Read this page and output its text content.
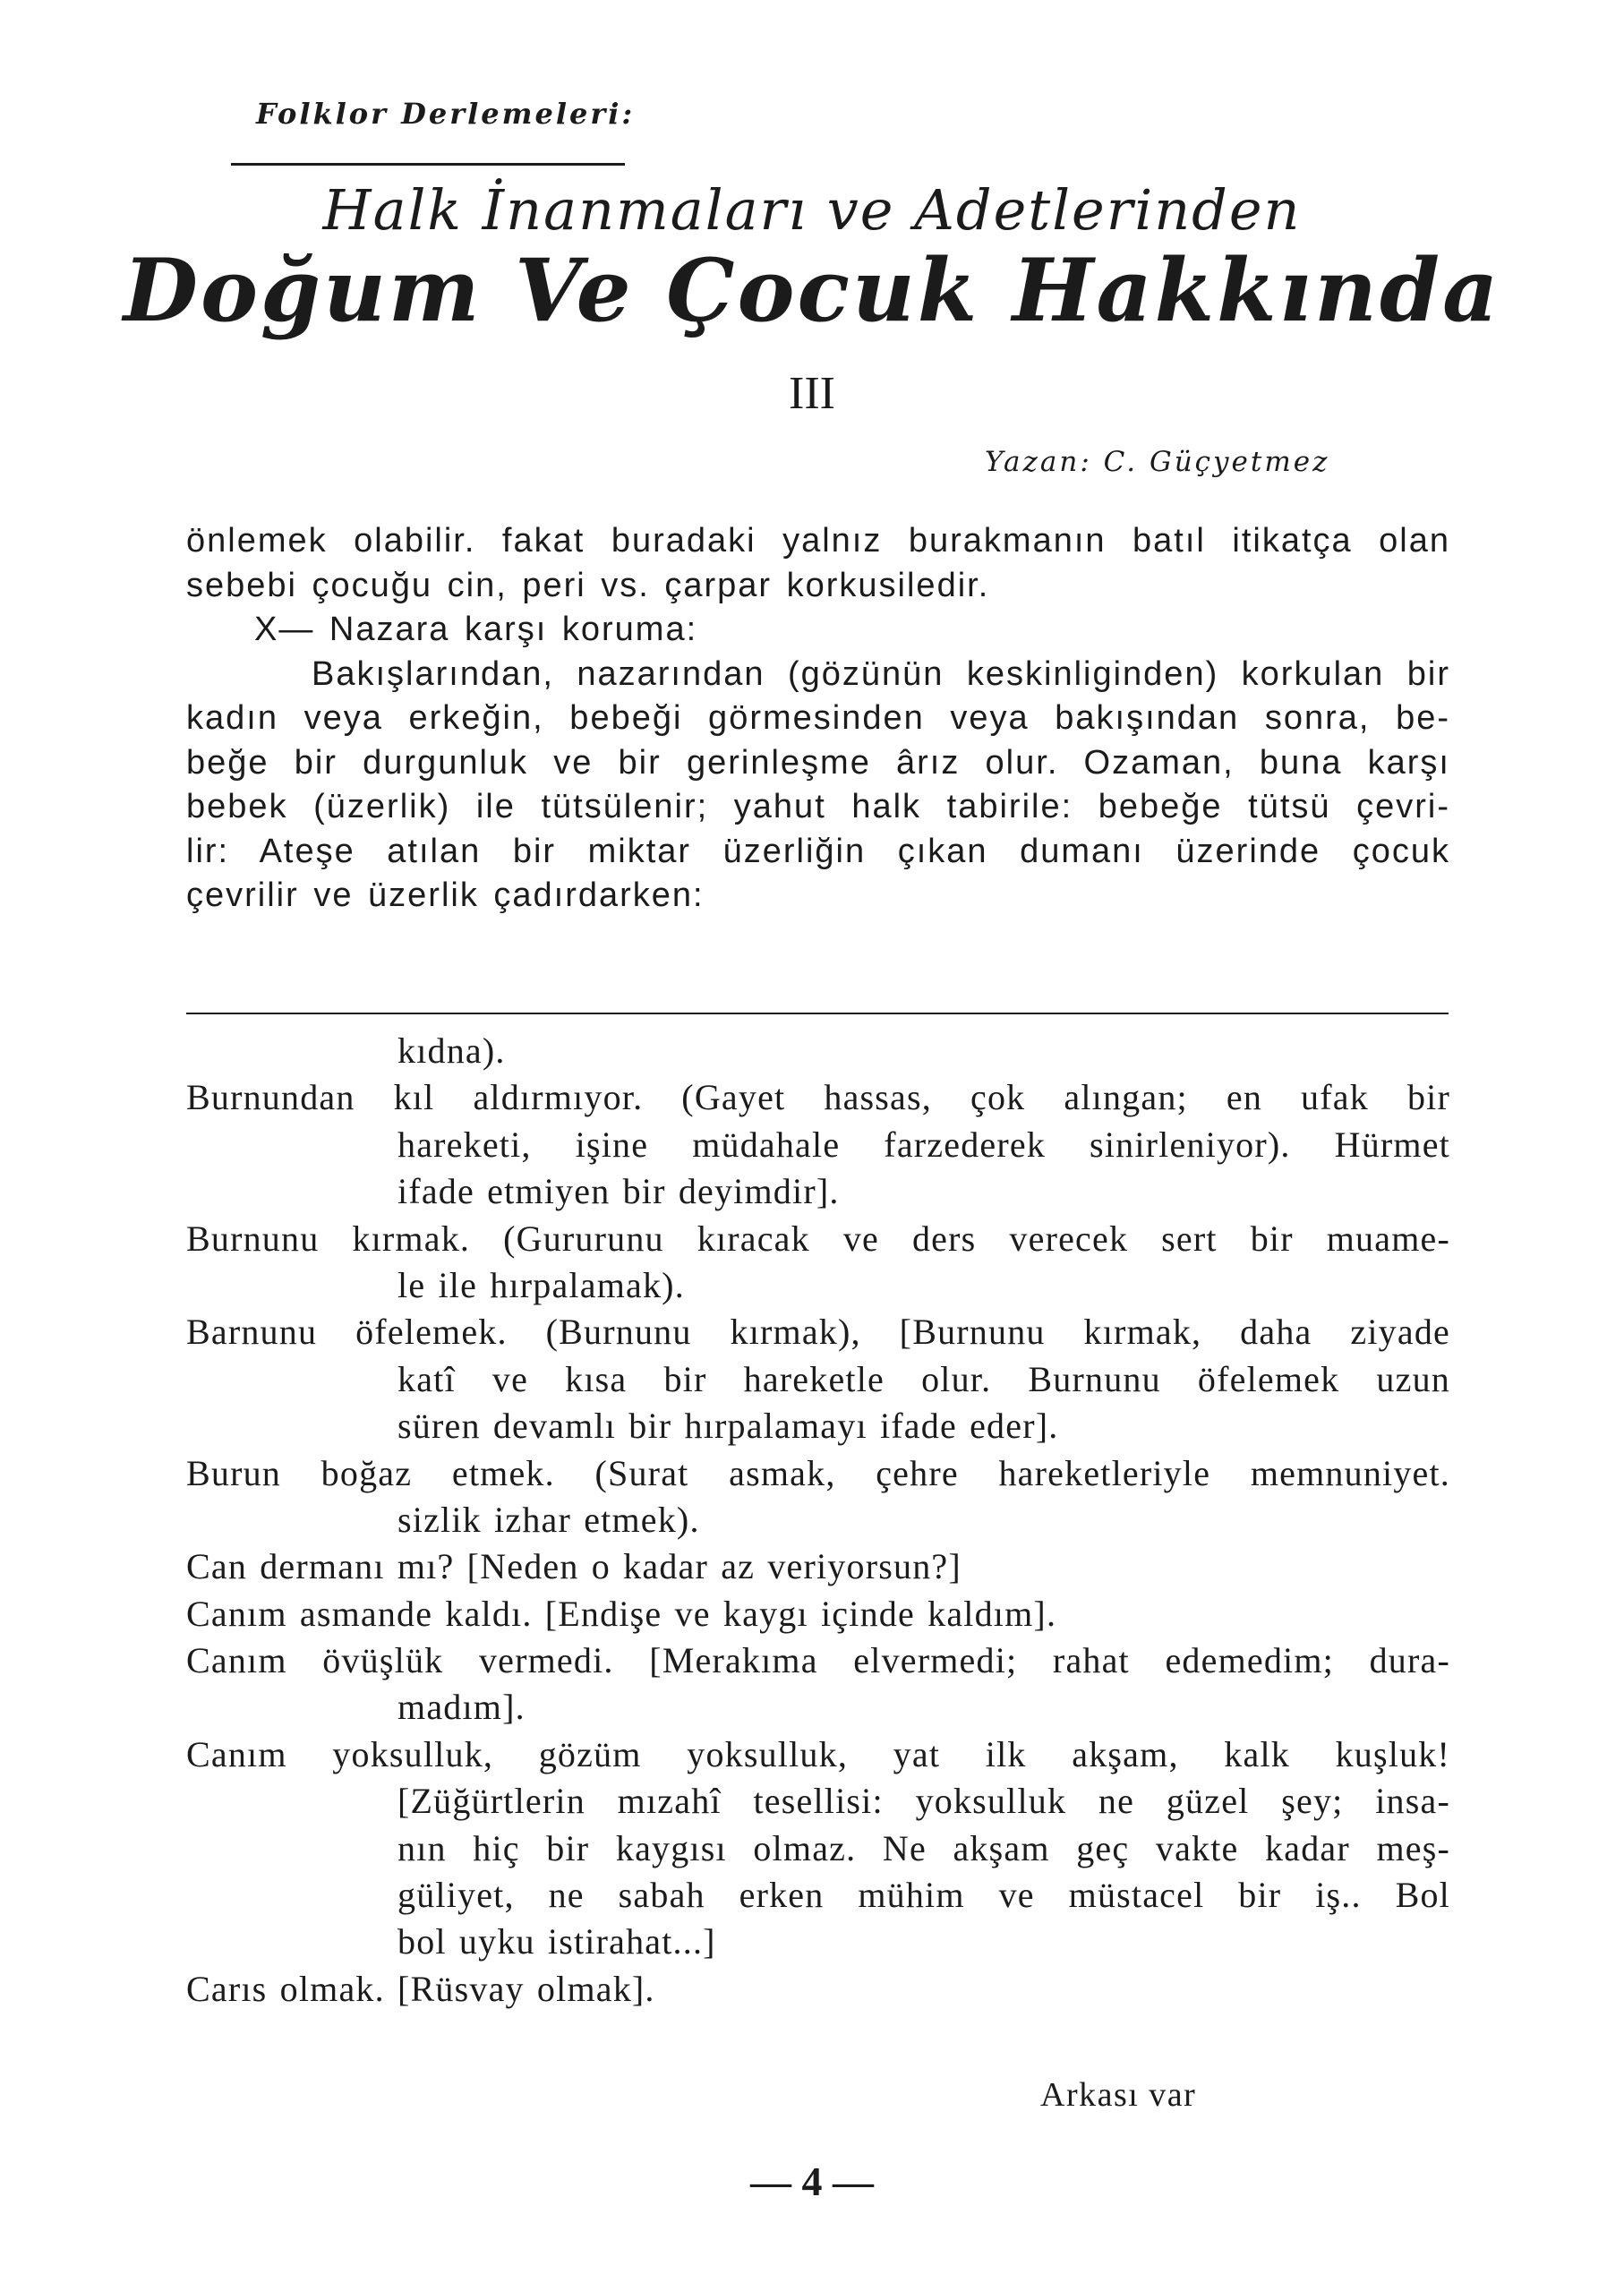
Folklor Derlemeleri:
Halk İnanmaları ve Adetlerinden
Doğum Ve Çocuk Hakkında
III
Yazan: C. Güçyetmez
önlemek olabilir. fakat buradaki yalnız burakmanın batıl itikatça olan
sebebi çocuğu cin, peri vs. çarpar korkusiledir.
X— Nazara karşı koruma:
Bakışlarından, nazarından (gözünün keskinliginden) korkulan bir
kadın veya erkeğin, bebeği görmesinden veya bakışından sonra, be-
beğe bir durgunluk ve bir gerinleşme ârız olur. Ozaman, buna karşı
bebek (üzerlik) ile tütsülenir; yahut halk tabirile: bebeğe tütsü çevri-
lir: Ateşe atılan bir miktar üzerliğin çıkan dumanı üzerinde çocuk
çevrilir ve üzerlik çadırdarken:
kıdna).
Burnundan kıl aldırmıyor. (Gayet hassas, çok alıngan; en ufak bir
hareketi, işine müdahale farzederek sinirleniyor). Hürmet
ifade etmiyen bir deyimdir].
Burnunu kırmak. (Gururunu kıracak ve ders verecek sert bir muame-
le ile hırpalamak).
Barnunu öfelemek. (Burnunu kırmak), [Burnunu kırmak, daha ziyade
katî ve kısa bir hareketle olur. Burnunu öfelemek uzun
süren devamlı bir hırpalamayı ifade eder].
Burun boğaz etmek. (Surat asmak, çehre hareketleriyle memnuniyet.
sizlik izhar etmek).
Can dermanı mı? [Neden o kadar az veriyorsun?]
Canım asmande kaldı. [Endişe ve kaygı içinde kaldım].
Canım övüşlük vermedi. [Merakıma elvermedi; rahat edemedim; dura-
madım].
Canım yoksulluk, gözüm yoksulluk, yat ilk akşam, kalk kuşluk!
[Züğürtlerin mızahî tesellisi: yoksulluk ne güzel şey; insa-
nın hiç bir kaygısı olmaz. Ne akşam geç vakte kadar meş-
güliyet, ne sabah erken mühim ve müstacel bir iş.. Bol
bol uyku istirahat...]
Carıs olmak. [Rüsvay olmak].
Arkası var
— 4 —
